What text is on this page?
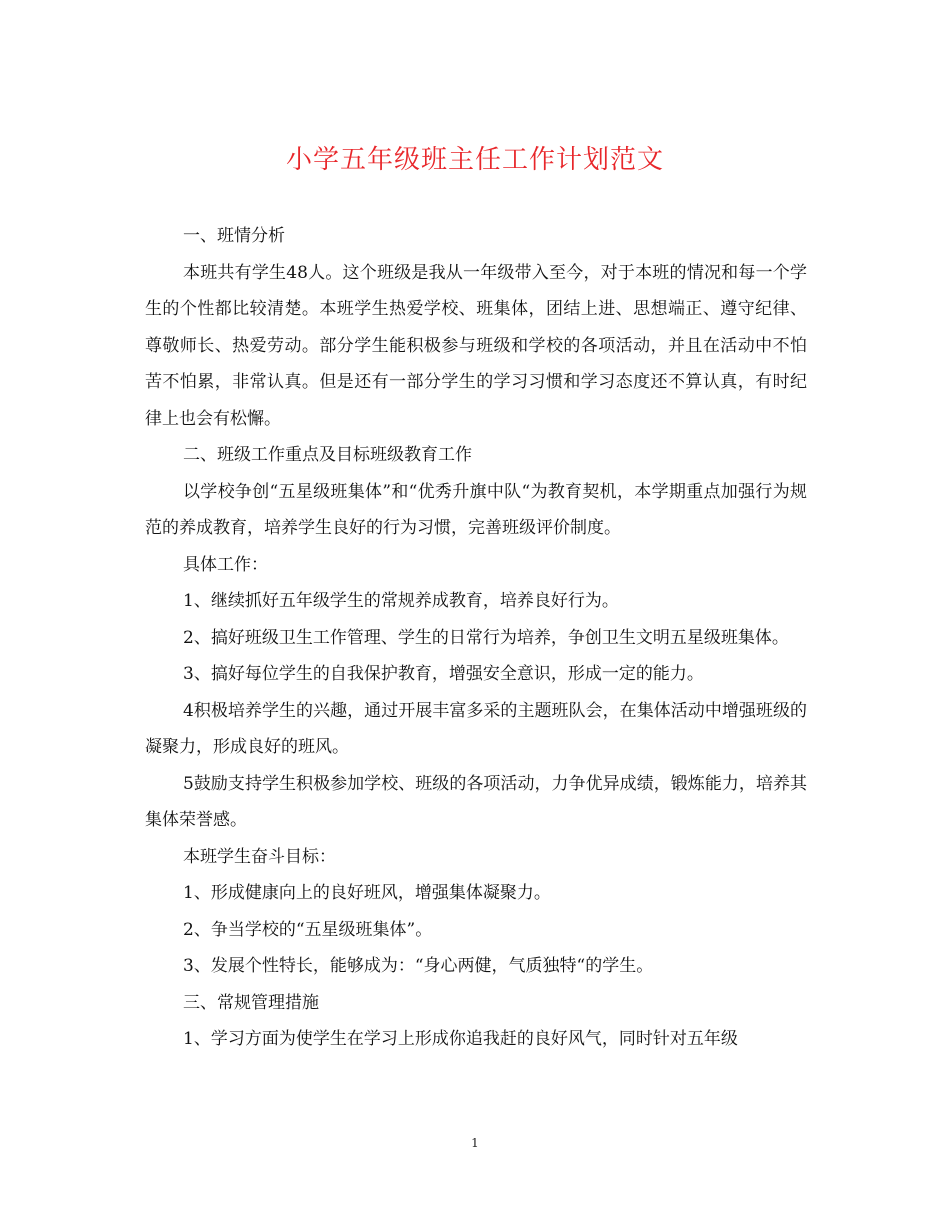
小学五年级班主任工作计划范文

一、班情分析

本班共有学生48人。这个班级是我从一年级带入至今，对于本班的情况和每一个学生的个性都比较清楚。本班学生热爱学校、班集体，团结上进、思想端正、遵守纪律、尊敬师长、热爱劳动。部分学生能积极参与班级和学校的各项活动，并且在活动中不怕苦不怕累，非常认真。但是还有一部分学生的学习习惯和学习态度还不算认真，有时纪律上也会有松懈。

二、班级工作重点及目标班级教育工作

以学校争创“五星级班集体”和“优秀升旗中队“为教育契机，本学期重点加强行为规范的养成教育，培养学生良好的行为习惯，完善班级评价制度。

具体工作：

1、继续抓好五年级学生的常规养成教育，培养良好行为。

2、搞好班级卫生工作管理、学生的日常行为培养，争创卫生文明五星级班集体。

3、搞好每位学生的自我保护教育，增强安全意识，形成一定的能力。

4积极培养学生的兴趣，通过开展丰富多采的主题班队会，在集体活动中增强班级的凝聚力，形成良好的班风。

5鼓励支持学生积极参加学校、班级的各项活动，力争优异成绩，锻炼能力，培养其集体荣誉感。

本班学生奋斗目标：

1、形成健康向上的良好班风，增强集体凝聚力。

2、争当学校的“五星级班集体”。

3、发展个性特长，能够成为：“身心两健，气质独特“的学生。

三、常规管理措施

1、学习方面为使学生在学习上形成你追我赶的良好风气，同时针对五年级

1
